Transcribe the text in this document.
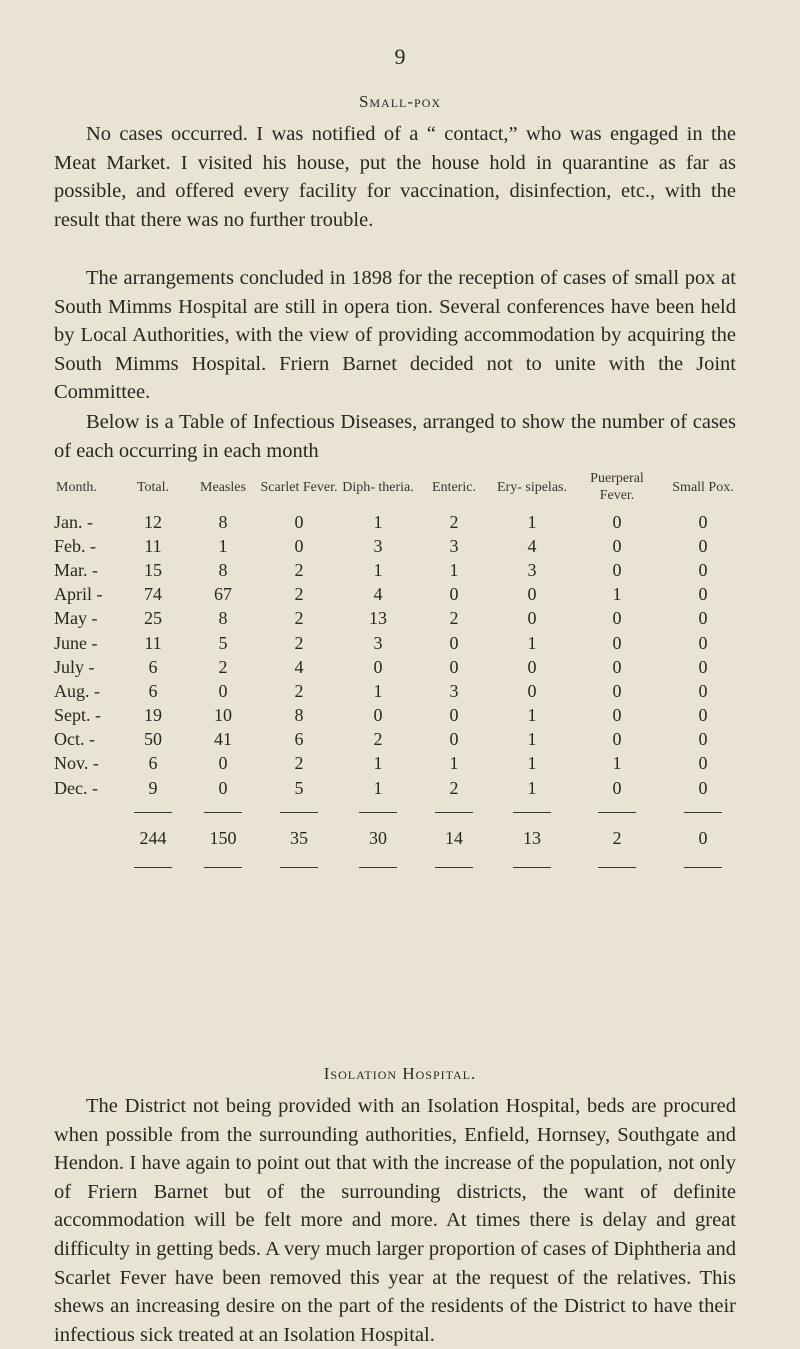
9
Small-pox

No cases occurred. I was notified of a “ contact,” who was engaged in the Meat Market. I visited his house, put the house hold in quarantine as far as possible, and offered every facility for vaccination, disinfection, etc., with the result that there was no further trouble.

The arrangements concluded in 1898 for the reception of cases of small pox at South Mimms Hospital are still in opera tion. Several conferences have been held by Local Authorities, with the view of providing accommodation by acquiring the South Mimms Hospital. Friern Barnet decided not to unite with the Joint Committee.

Below is a Table of Infectious Diseases, arranged to show the number of cases of each occurring in each month

Month.	Total.	Measles	Scarlet Fever.	Diph- theria.	Enteric.	Ery- sipelas.	Puerperal Fever.	Small Pox.
Jan. -	12	8	0	1	2	1	0	0
Feb. -	11	1	0	3	3	4	0	0
Mar. -	15	8	2	1	1	3	0	0
April -	74	67	2	4	0	0	1	0
May -	25	8	2	13	2	0	0	0
June -	11	5	2	3	0	1	0	0
July -	6	2	4	0	0	0	0	0
Aug. -	6	0	2	1	3	0	0	0
Sept. -	19	10	8	0	0	1	0	0
Oct. -	50	41	6	2	0	1	0	0
Nov. -	6	0	2	1	1	1	1	0
Dec. -	9	0	5	1	2	1	0	0

	244	150	35	30	14	13	2	0

Isolation Hospital.

The District not being provided with an Isolation Hospital, beds are procured when possible from the surrounding authorities, Enfield, Hornsey, Southgate and Hendon. I have again to point out that with the increase of the population, not only of Friern Barnet but of the surrounding districts, the want of definite accommodation will be felt more and more. At times there is delay and great difficulty in getting beds. A very much larger proportion of cases of Diphtheria and Scarlet Fever have been removed this year at the request of the relatives. This shews an increasing desire on the part of the residents of the District to have their infectious sick treated at an Isolation Hospital.
